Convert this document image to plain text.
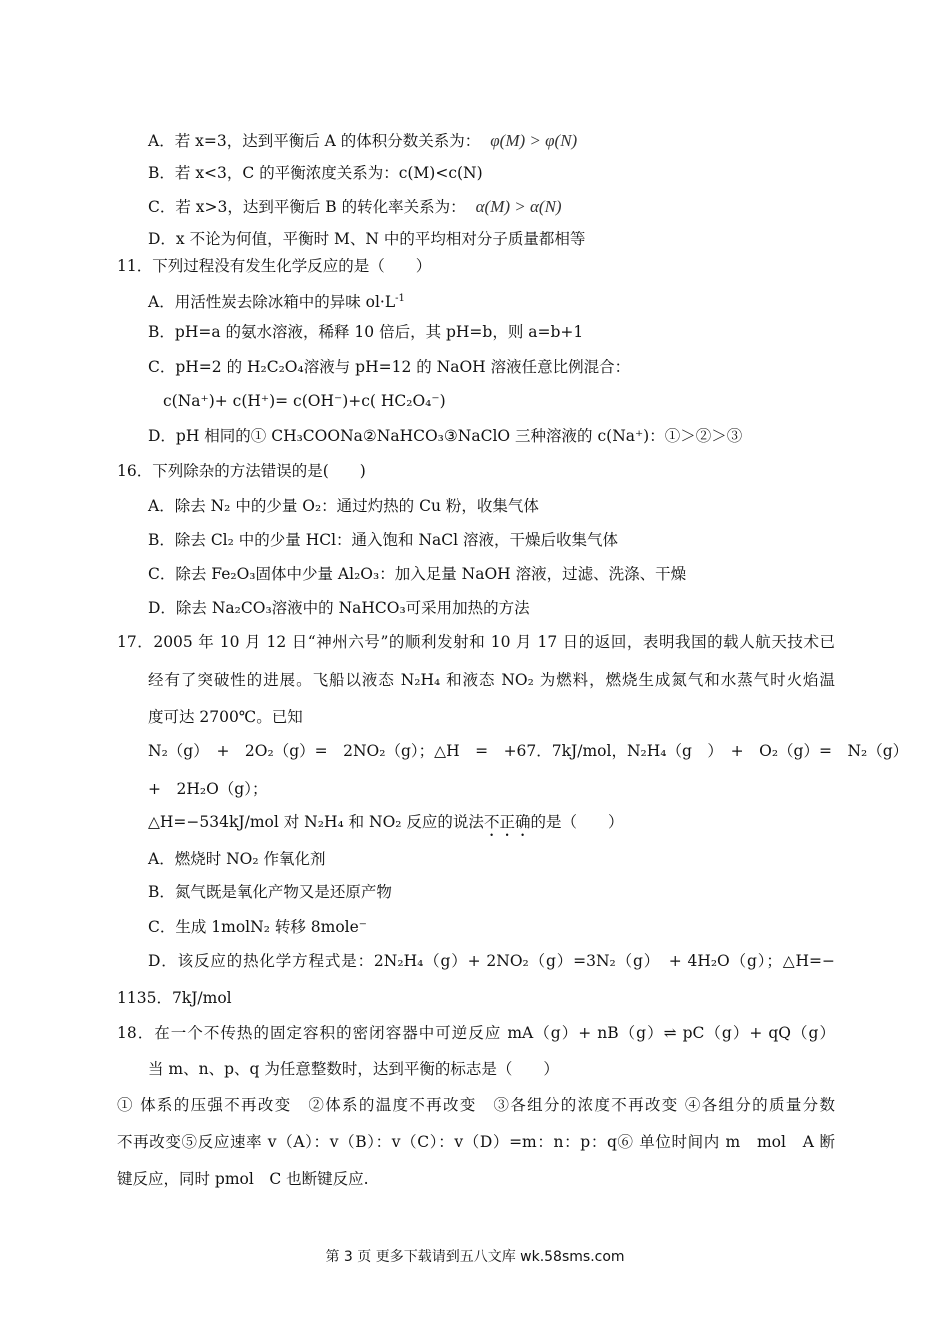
A．若 x=3，达到平衡后 A 的体积分数关系为： φ(M) > φ(N)
B．若 x<3，C 的平衡浓度关系为：c(M)<c(N)
C．若 x>3，达到平衡后 B 的转化率关系为： α(M) > α(N)
D．x 不论为何值，平衡时 M、N 中的平均相对分子质量都相等
11．下列过程没有发生化学反应的是（　　）
A．用活性炭去除冰箱中的异味 $ol\cdot L^{-1}$
B．pH=a 的氨水溶液，稀释 10 倍后，其 pH=b，则 a=b+1
C．pH=2 的 H₂C₂O₄溶液与 pH=12 的 NaOH 溶液任意比例混合：
c(Na⁺)+ c(H⁺)= c(OH⁻)+c( HC₂O₄⁻)
D．pH 相同的① CH₃COONa②NaHCO₃③NaClO 三种溶液的 c(Na⁺)：①＞②＞③
16．下列除杂的方法错误的是(　　)
A．除去 N₂ 中的少量 O₂：通过灼热的 Cu 粉，收集气体
B．除去 Cl₂ 中的少量 HCl：通入饱和 NaCl 溶液，干燥后收集气体
C．除去 Fe₂O₃固体中少量 Al₂O₃：加入足量 NaOH 溶液，过滤、洗涤、干燥
D．除去 Na₂CO₃溶液中的 NaHCO₃可采用加热的方法
17．2005 年 10 月 12 日“神州六号”的顺利发射和 10 月 17 日的返回，表明我国的载人航天技术已
经有了突破性的进展。飞船以液态 N₂H₄ 和液态 NO₂ 为燃料，燃烧生成氮气和水蒸气时火焰温
度可达 2700℃。已知
N₂（g）　+　2O₂（g）=　2NO₂（g）；△H　=　+67．7kJ/mol，N₂H₄（g　）　+　O₂（g）=　N₂（g）
+　2H₂O（g）；
△H=−534kJ/mol 对 N₂H₄ 和 NO₂ 反应的说法不正确的是（　　）
A．燃烧时 NO₂ 作氧化剂
B．氮气既是氧化产物又是还原产物
C．生成 1molN₂ 转移 8mole⁻
D．该反应的热化学方程式是：2N₂H₄（g）+ 2NO₂（g）=3N₂（g）　+ 4H₂O（g）；△H=−
1135．7kJ/mol
18．在一个不传热的固定容积的密闭容器中可逆反应 mA（g）+ nB（g）⇌ pC（g）+ qQ（g）
当 m、n、p、q 为任意整数时，达到平衡的标志是（　　）
① 体系的压强不再改变　②体系的温度不再改变　③各组分的浓度不再改变 ④各组分的质量分数
不再改变⑤反应速率 v（A）：v（B）：v（C）：v（D）=m：n：p：q⑥ 单位时间内 m　mol　A 断
键反应，同时 pmol　C 也断键反应.
第 3 页 更多下载请到五八文库 wk.58sms.com
